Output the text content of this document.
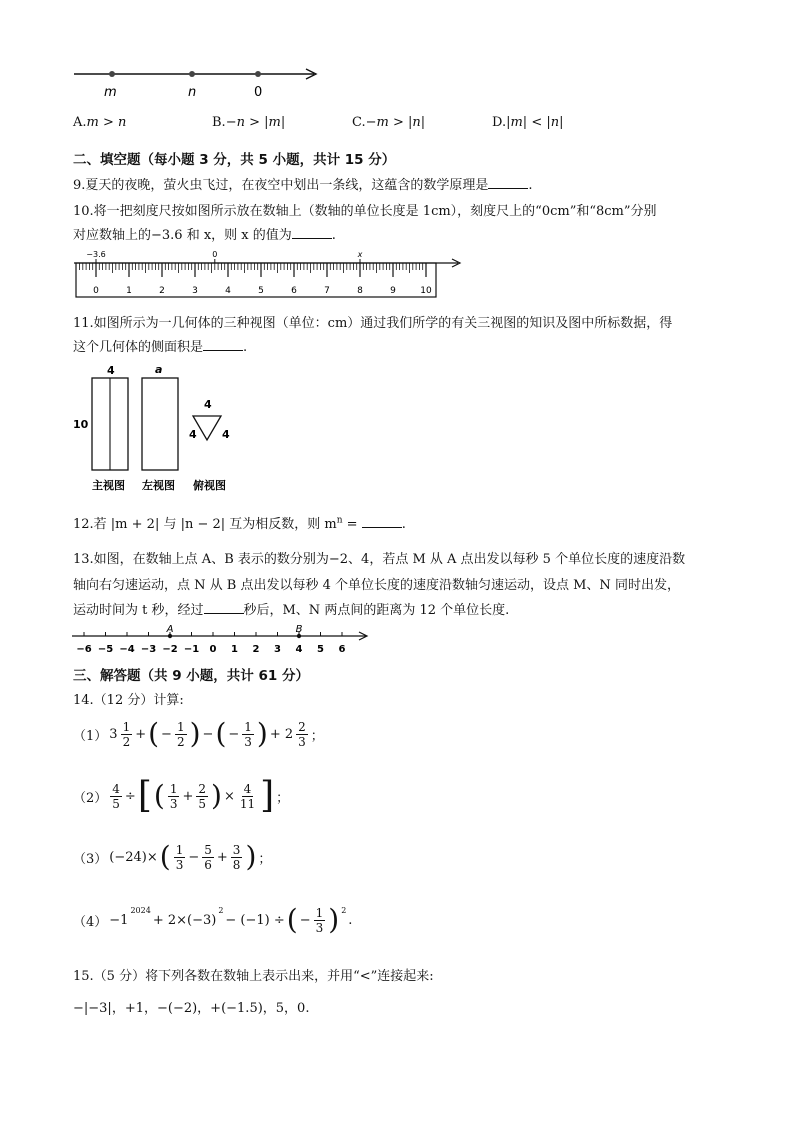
m	n	0
A.m > n	B.−n > |m|	C.−m > |n|	D.|m| < |n|
二、填空题（每小题 3 分，共 5 小题，共计 15 分）
9.夏天的夜晚，萤火虫飞过，在夜空中划出一条线，这蕴含的数学原理是	.
10.将一把刻度尺按如图所示放在数轴上（数轴的单位长度是 1cm），刻度尺上的“0cm”和“8cm”分别
对应数轴上的−3.6 和 x，则 x 的值为	.
0	1	2	3	4	5	6	7	8	9	10
−3.6	0	x
11.如图所示为一几何体的三种视图（单位：cm）通过我们所学的有关三视图的知识及图中所标数据，得
这个几何体的侧面积是	.
4
10
a
4
4 4
主视图 左视图 俯视图
12.若 |m + 2| 与 |n − 2| 互为相反数，则 $m^n$ =	.
13.如图，在数轴上点 A、B 表示的数分别为−2、4，若点 M 从 A 点出发以每秒 5 个单位长度的速度沿数
轴向右匀速运动，点 N 从 B 点出发以每秒 4 个单位长度的速度沿数轴匀速运动，设点 M、N 同时出发，
运动时间为 t 秒，经过	秒后，M、N 两点间的距离为 12 个单位长度.
−6 −5 −4 −3 −2 −1 0 1 2 3 4 5 6
A	B
三、解答题（共 9 小题，共计 61 分）
14.（12 分）计算:
（1） $3 \frac{1}{2}$ + ( − $\frac{1}{2}$ ) − ( − $\frac{1}{3}$ ) + $2 \frac{2}{3}$ ；
$(2) \frac{4}{5}$ ÷ [ ( $\frac{1}{3} + \frac{2}{5}$ ) × $\frac{4}{11}$ ] ；
（3） (−24)× ( $\frac{1}{3} - \frac{5}{6} + \frac{3}{8}$ ) ；
（4） −1
$^{2024}$
+ 2×(−3)
$^2$
− (−1) ÷ ( − $\frac{1}{3}$ ) $^2$
.
15.（5 分）将下列各数在数轴上表示出来，并用“<”连接起来:
−|−3|，+1，−(−2)，+(−1.5)，5，0.
